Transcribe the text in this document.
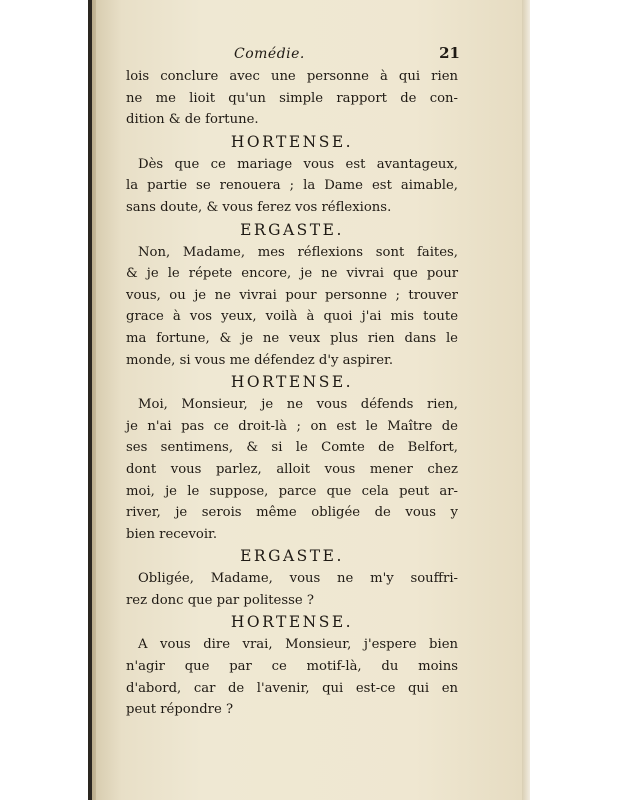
Comédie.	21
lois conclure avec une personne à qui rien
ne me lioit qu'un simple rapport de con-
dition & de fortune.
HORTENSE.
Dès que ce mariage vous est avantageux,
la partie se renouera ; la Dame est aimable,
sans doute, & vous ferez vos réflexions.
ERGASTE.
Non, Madame, mes réflexions sont faites,
& je le répete encore, je ne vivrai que pour
vous, ou je ne vivrai pour personne ; trouver
grace à vos yeux, voilà à quoi j'ai mis toute
ma fortune, & je ne veux plus rien dans le
monde, si vous me défendez d'y aspirer.
HORTENSE.
Moi, Monsieur, je ne vous défends rien,
je n'ai pas ce droit-là ; on est le Maître de
ses sentimens, & si le Comte de Belfort,
dont vous parlez, alloit vous mener chez
moi, je le suppose, parce que cela peut ar-
river, je serois même obligée de vous y
bien recevoir.
ERGASTE.
Obligée, Madame, vous ne m'y souffri-
rez donc que par politesse ?
HORTENSE.
A vous dire vrai, Monsieur, j'espere bien
n'agir que par ce motif-là, du moins
d'abord, car de l'avenir, qui est-ce qui en
peut répondre ?
